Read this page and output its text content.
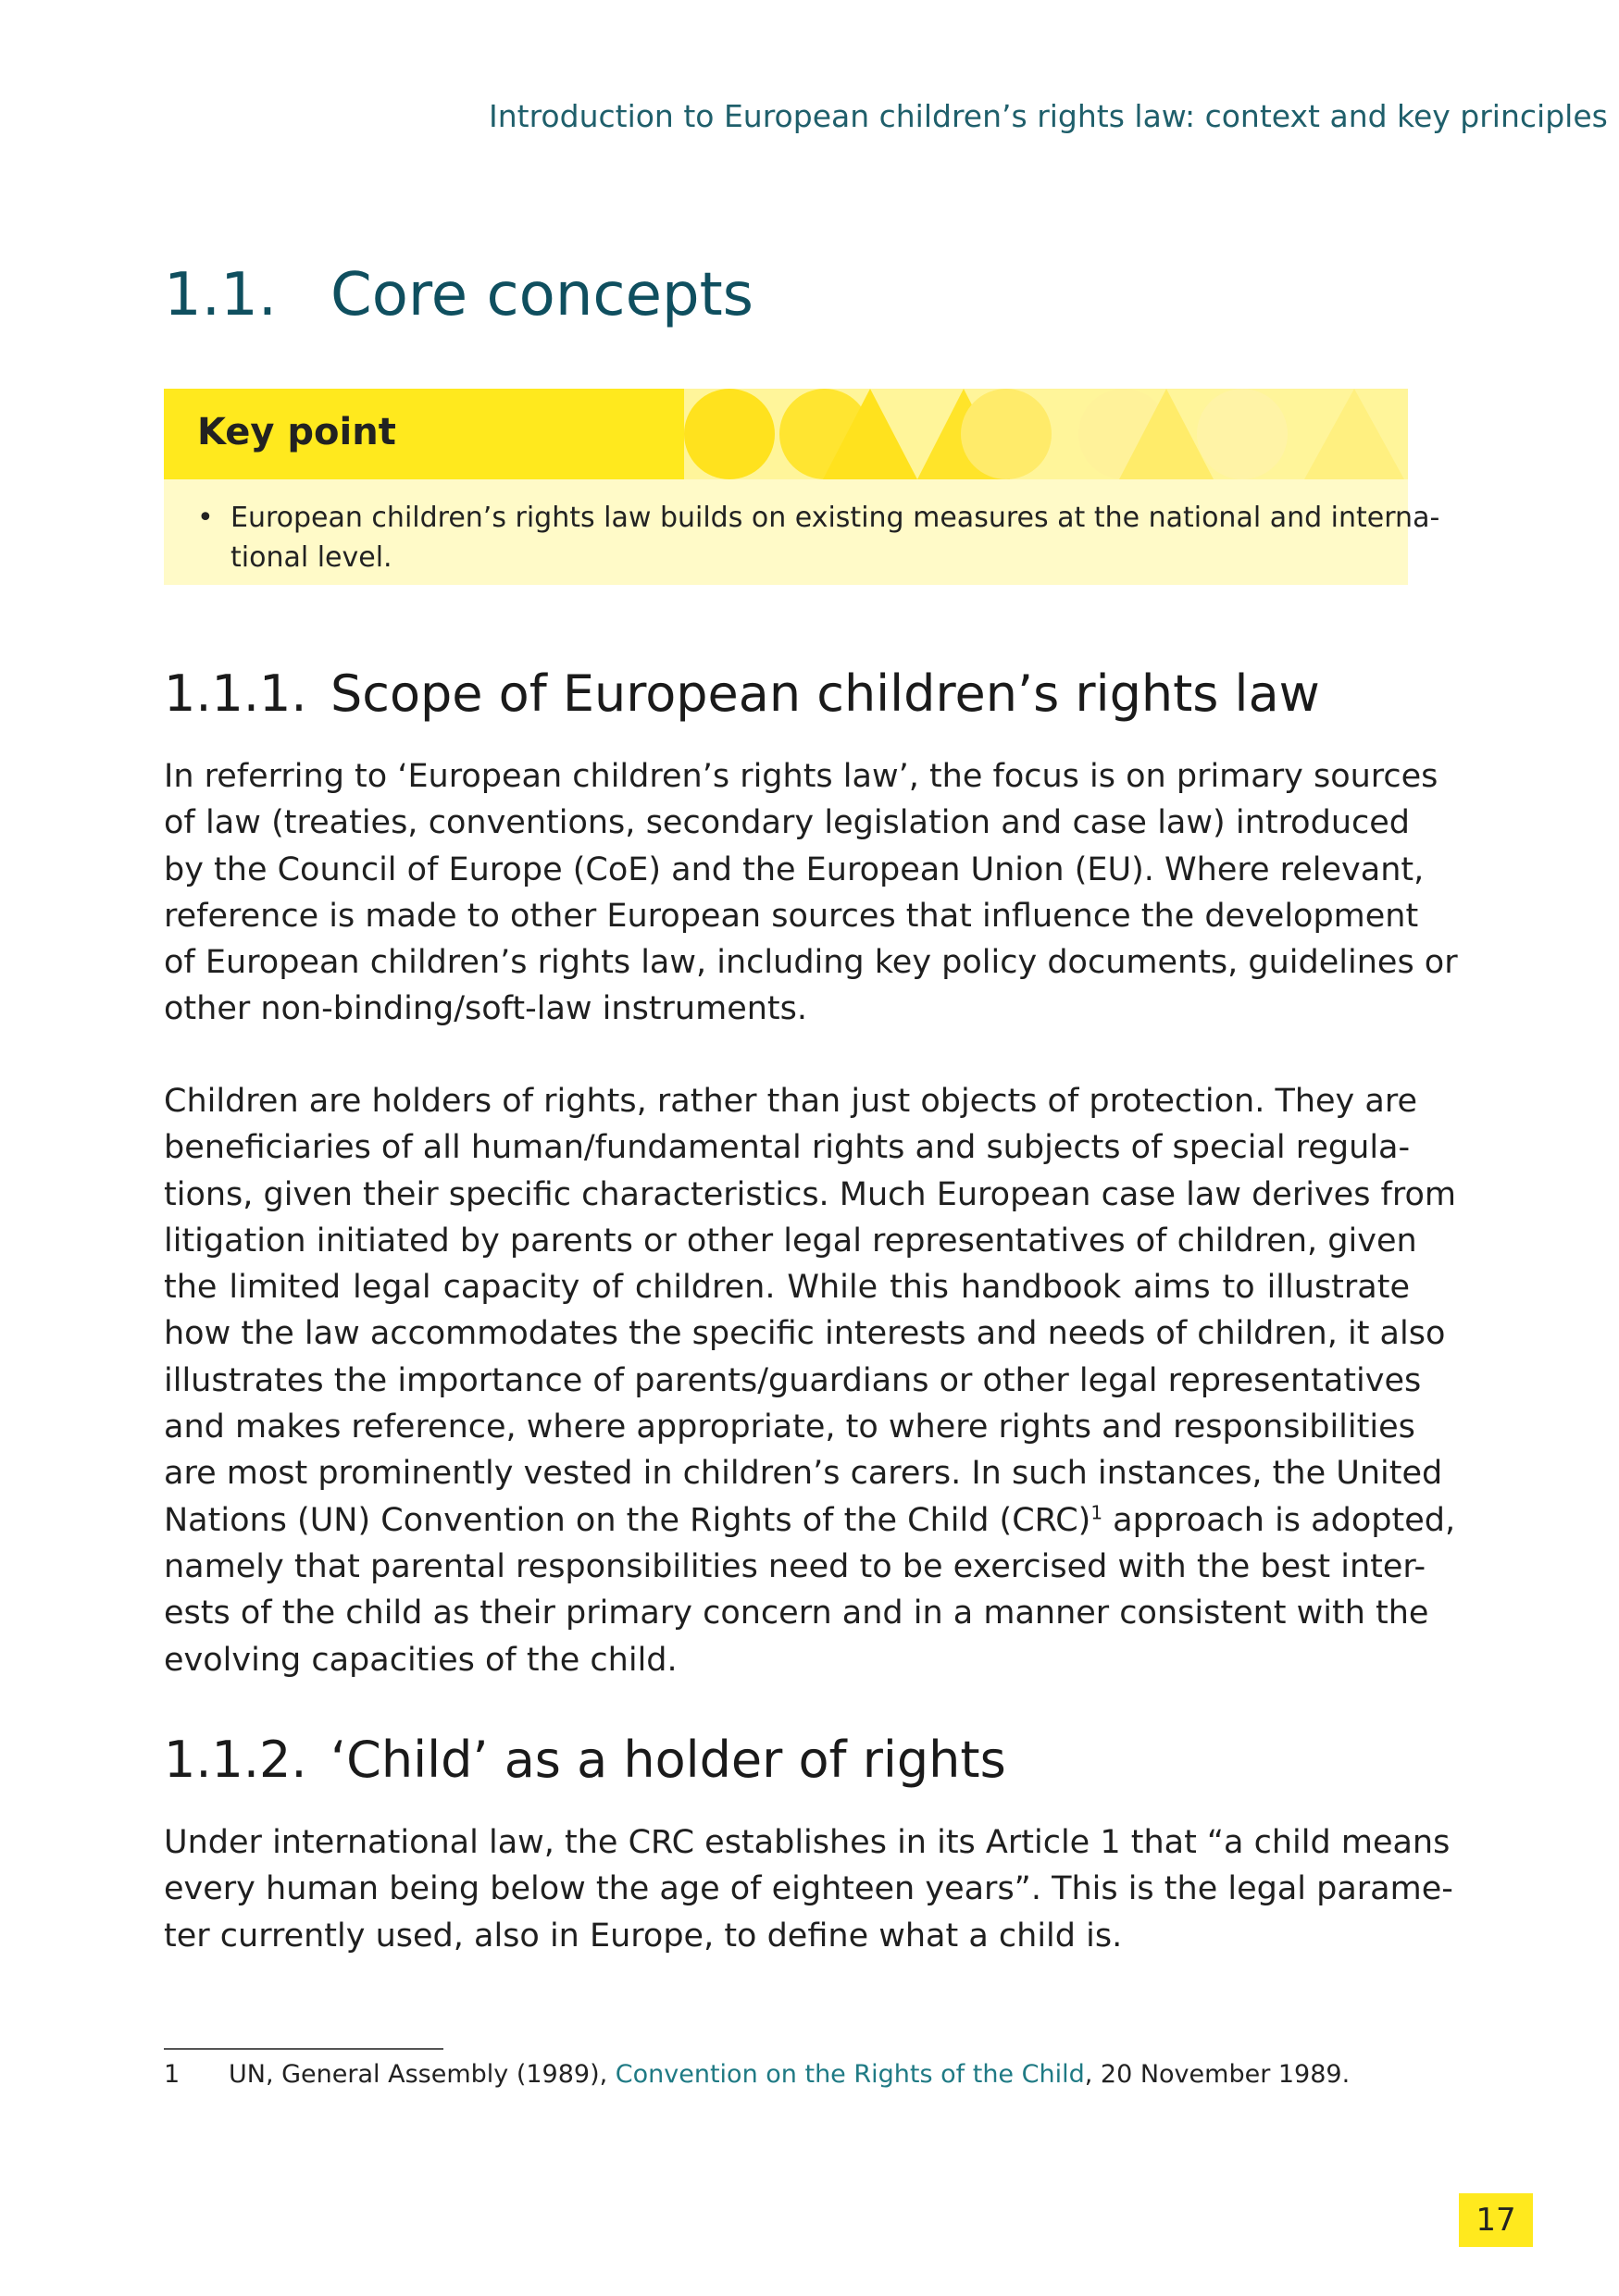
Introduction to European children’s rights law: context and key principles
1.1. Core concepts
Key point
• European children’s rights law builds on existing measures at the national and interna-
tional level.
1.1.1. Scope of European children’s rights law

In referring to ‘European children’s rights law’, the focus is on primary sources
of law (treaties, conventions, secondary legislation and case law) introduced
by the Council of Europe (CoE) and the European Union (EU). Where relevant,
reference is made to other European sources that influence the development
of European children’s rights law, including key policy documents, guidelines or
other non-binding/soft-law instruments.

Children are holders of rights, rather than just objects of protection. They are
beneficiaries of all human/fundamental rights and subjects of special regula-
tions, given their specific characteristics. Much European case law derives from
litigation initiated by parents or other legal representatives of children, given
the limited legal capacity of children. While this handbook aims to illustrate
how the law accommodates the specific interests and needs of children, it also
illustrates the importance of parents/guardians or other legal representatives
and makes reference, where appropriate, to where rights and responsibilities
are most prominently vested in children’s carers. In such instances, the United
Nations (UN) Convention on the Rights of the Child (CRC)$^1$ approach is adopted,
namely that parental responsibilities need to be exercised with the best inter-
ests of the child as their primary concern and in a manner consistent with the
evolving capacities of the child.

1.1.2. ‘Child’ as a holder of rights

Under international law, the CRC establishes in its Article 1 that “a child means
every human being below the age of eighteen years”. This is the legal parame-
ter currently used, also in Europe, to define what a child is.

1 UN, General Assembly (1989), Convention on the Rights of the Child, 20 November 1989.
17
